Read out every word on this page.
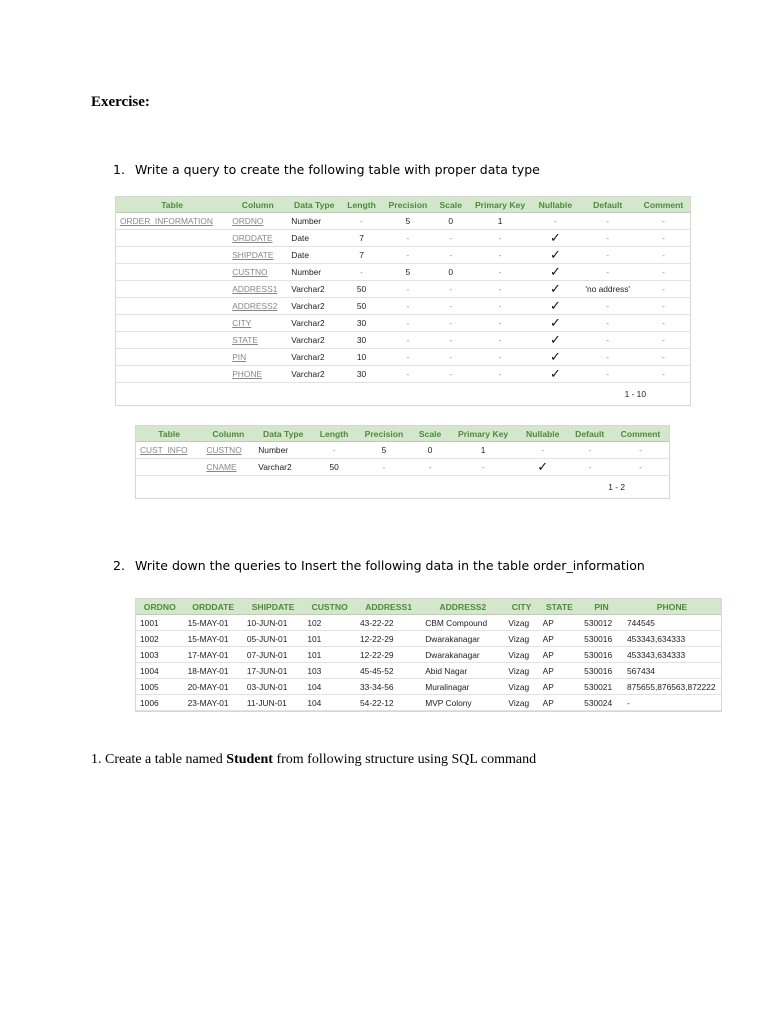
Exercise:
1. Write a query to create the following table with proper data type
Table	Column	Data Type	Length	Precision	Scale	Primary Key	Nullable	Default	Comment
ORDER_INFORMATION	ORDNO	Number	-	5	0	1	-	-	-
	ORDDATE	Date	7	-	-	-	✓	-	-
	SHIPDATE	Date	7	-	-	-	✓	-	-
	CUSTNO	Number	-	5	0	-	✓	-	-
	ADDRESS1	Varchar2	50	-	-	-	✓	'no address'	-
	ADDRESS2	Varchar2	50	-	-	-	✓	-	-
	CITY	Varchar2	30	-	-	-	✓	-	-
	STATE	Varchar2	30	-	-	-	✓	-	-
	PIN	Varchar2	10	-	-	-	✓	-	-
	PHONE	Varchar2	30	-	-	-	✓	-	-
1 - 10									
Table	Column	Data Type	Length	Precision	Scale	Primary Key	Nullable	Default	Comment
CUST_INFO	CUSTNO	Number	-	5	0	1	-	-	-
	CNAME	Varchar2	50	-	-	-	✓	-	-
1 - 2									
2. Write down the queries to Insert the following data in the table order_information
ORDNO	ORDDATE	SHIPDATE	CUSTNO	ADDRESS1	ADDRESS2	CITY	STATE	PIN	PHONE
1001	15-MAY-01	10-JUN-01	102	43-22-22	CBM Compound	Vizag	AP	530012	744545
1002	15-MAY-01	05-JUN-01	101	12-22-29	Dwarakanagar	Vizag	AP	530016	453343,634333
1003	17-MAY-01	07-JUN-01	101	12-22-29	Dwarakanagar	Vizag	AP	530016	453343,634333
1004	18-MAY-01	17-JUN-01	103	45-45-52	Abid Nagar	Vizag	AP	530016	567434
1005	20-MAY-01	03-JUN-01	104	33-34-56	Muralinagar	Vizag	AP	530021	875655,876563,872222
1006	23-MAY-01	11-JUN-01	104	54-22-12	MVP Colony	Vizag	AP	530024	-
1. Create a table named Student from following structure using SQL command
